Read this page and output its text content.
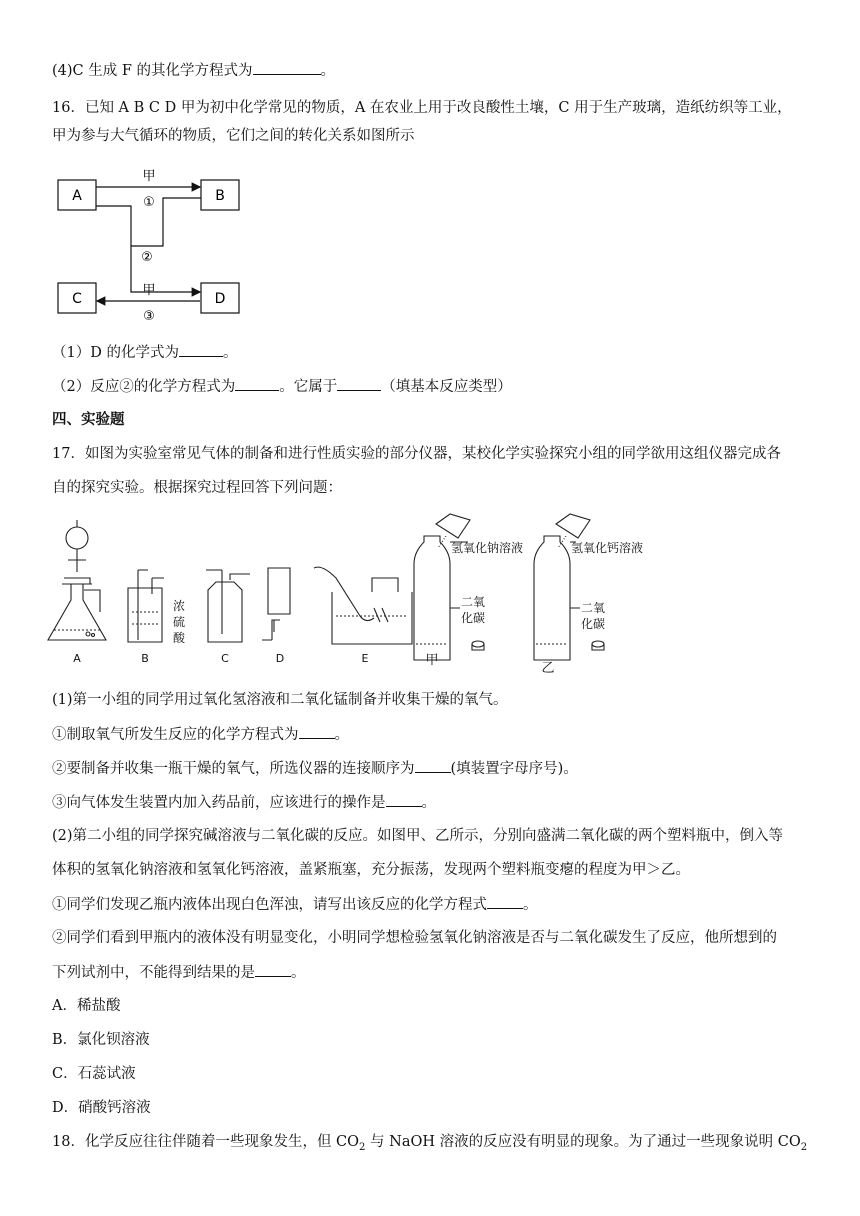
(4)C 生成 F 的其化学方程式为	。
16．已知 A B C D 甲为初中化学常见的物质，A 在农业上用于改良酸性土壤，C 用于生产玻璃，造纸纺织等工业，
甲为参与大气循环的物质，它们之间的转化关系如图所示
A	B
C	D
甲
①
②
甲
③
（1）D 的化学式为	。
（2）反应②的化学方程式为	。它属于	（填基本反应类型）
四、实验题
17．如图为实验室常见气体的制备和进行性质实验的部分仪器，某校化学实验探究小组的同学欲用这组仪器完成各
自的探究实验。根据探究过程回答下列问题：
A	B	C	D	E
浓
硫
酸
氢氧化钠溶液	氢氧化钙溶液
二氧
化碳
二氧
化碳
甲
乙
(1)第一小组的同学用过氧化氢溶液和二氧化锰制备并收集干燥的氧气。
①制取氧气所发生反应的化学方程式为 。
②要制备并收集一瓶干燥的氧气，所选仪器的连接顺序为 (填装置字母序号)。
③向气体发生装置内加入药品前，应该进行的操作是 。
(2)第二小组的同学探究碱溶液与二氧化碳的反应。如图甲、乙所示，分别向盛满二氧化碳的两个塑料瓶中，倒入等
体积的氢氧化钠溶液和氢氧化钙溶液，盖紧瓶塞，充分振荡，发现两个塑料瓶变瘪的程度为甲＞乙。
①同学们发现乙瓶内液体出现白色浑浊，请写出该反应的化学方程式 。
②同学们看到甲瓶内的液体没有明显变化，小明同学想检验氢氧化钠溶液是否与二氧化碳发生了反应，他所想到的
下列试剂中，不能得到结果的是 。
A．稀盐酸
B．氯化钡溶液
C．石蕊试液
D．硝酸钙溶液
18．化学反应往往伴随着一些现象发生，但 $CO_2$ 与 NaOH 溶液的反应没有明显的现象。为了通过一些现象说明 $CO_2$
